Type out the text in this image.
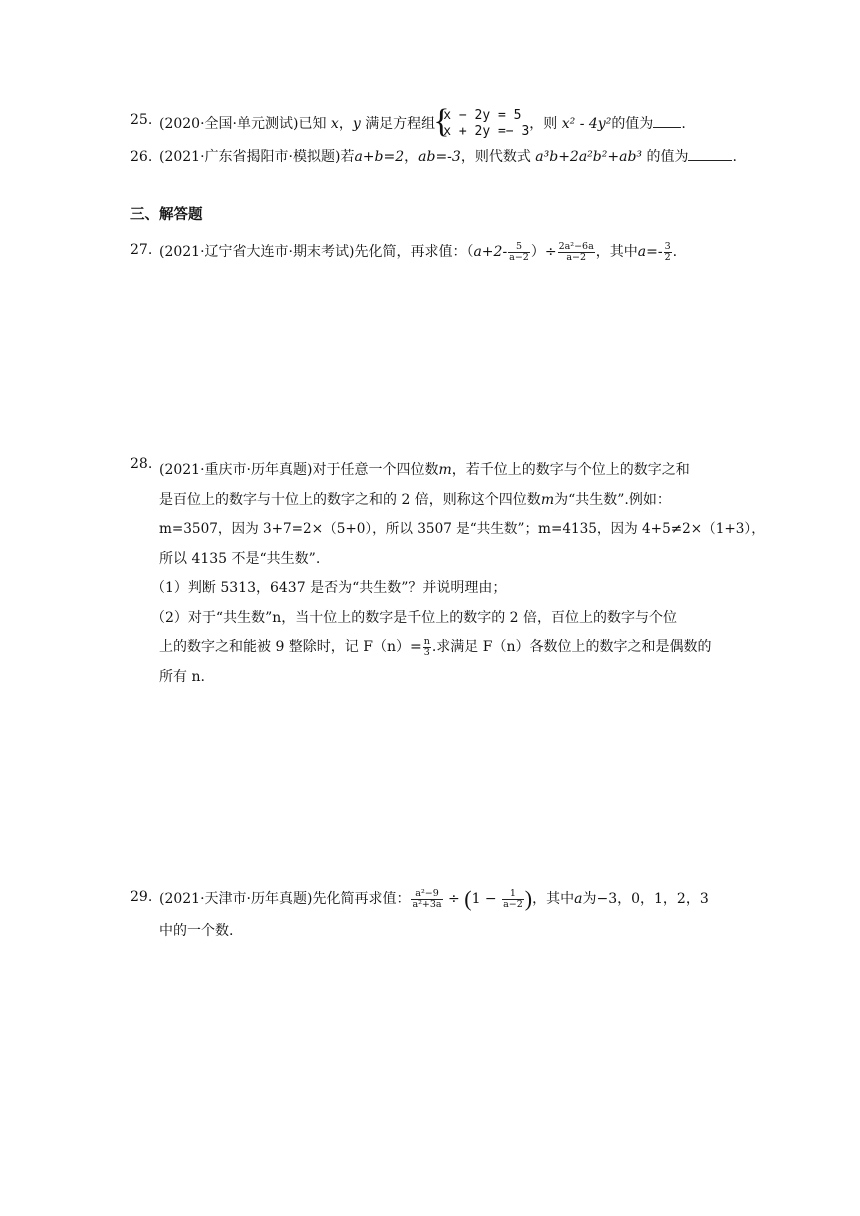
25. (2020·全国·单元测试)已知 x，y 满足方程组
{
x − 2y = 5
x + 2y =− 3 ，则 x² - 4y²的值为 .
26. (2021·广东省揭阳市·模拟题)若a+b=2，ab=-3，则代数式 a³b+2a²b²+ab³ 的值为	.
三、解答题
27. (2021·辽宁省大连市·期末考试)先化简，再求值：（$a+2- \frac{5}{a-2}$ ）÷ $\frac{\text{2a²−6a}}{a-2}$ ，其中$a=- \frac{3}{2}$ .
28. (2021·重庆市·历年真题)对于任意一个四位数m，若千位上的数字与个位上的数字之和
是百位上的数字与十位上的数字之和的 2 倍，则称这个四位数m为“共生数”.例如：
m=3507，因为 3+7=2×（5+0），所以 3507 是“共生数”；m=4135，因为 4+5≠2×（1+3），
所以 4135 不是“共生数”.
（1）判断 5313，6437 是否为“共生数”？并说明理由；
（2）对于“共生数”n，当十位上的数字是千位上的数字的 2 倍，百位上的数字与个位
上的数字之和能被 9 整除时，记 $F(n)= \frac{n}{3}$ .求满足 F（n）各数位上的数字之和是偶数的
所有 n.
29. (2021·天津市·历年真题)先化简再求值： $\frac{\text{a²−9}}{\text{a²+3a}} \div (1 - \frac{1}{a-2}$ )，其中a为−3，0，1，2，3
中的一个数.
